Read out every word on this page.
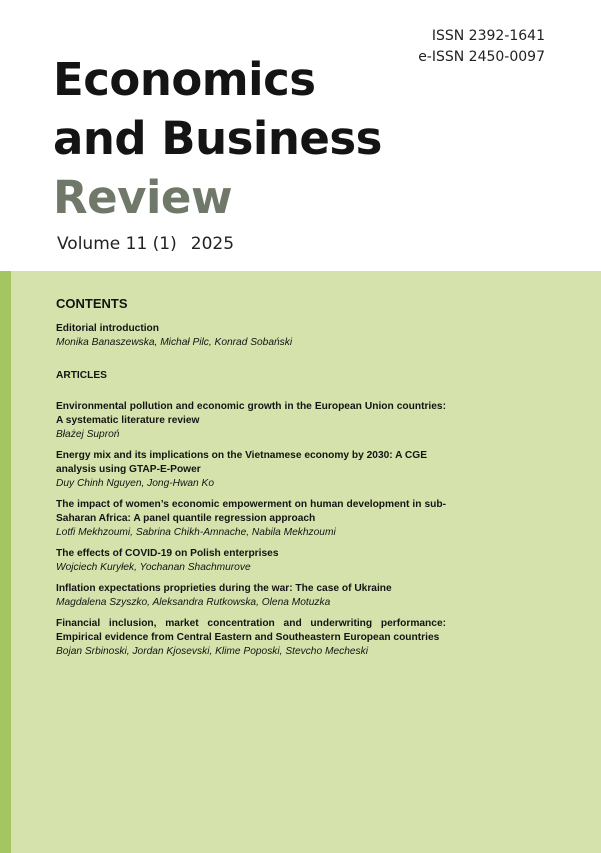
ISSN 2392-1641
e-ISSN 2450-0097
Economics
and Business
Review
Volume 11 (1) 2025
CONTENTS
Editorial introduction
Monika Banaszewska, Michał Pilc, Konrad Sobański
ARTICLES
Environmental pollution and economic growth in the European Union countries: A systematic literature review
Błażej Suproń
Energy mix and its implications on the Vietnamese economy by 2030: A CGE analysis using GTAP-E-Power
Duy Chinh Nguyen, Jong-Hwan Ko
The impact of women’s economic empowerment on human development in sub-Saharan Africa: A panel quantile regression approach
Lotfi Mekhzoumi, Sabrina Chikh-Amnache, Nabila Mekhzoumi
The effects of COVID-19 on Polish enterprises
Wojciech Kuryłek, Yochanan Shachmurove
Inflation expectations proprieties during the war: The case of Ukraine
Magdalena Szyszko, Aleksandra Rutkowska, Olena Motuzka
Financial inclusion, market concentration and underwriting performance: Empirical evidence from Central Eastern and Southeastern European countries
Bojan Srbinoski, Jordan Kjosevski, Klime Poposki, Stevcho Mecheski
